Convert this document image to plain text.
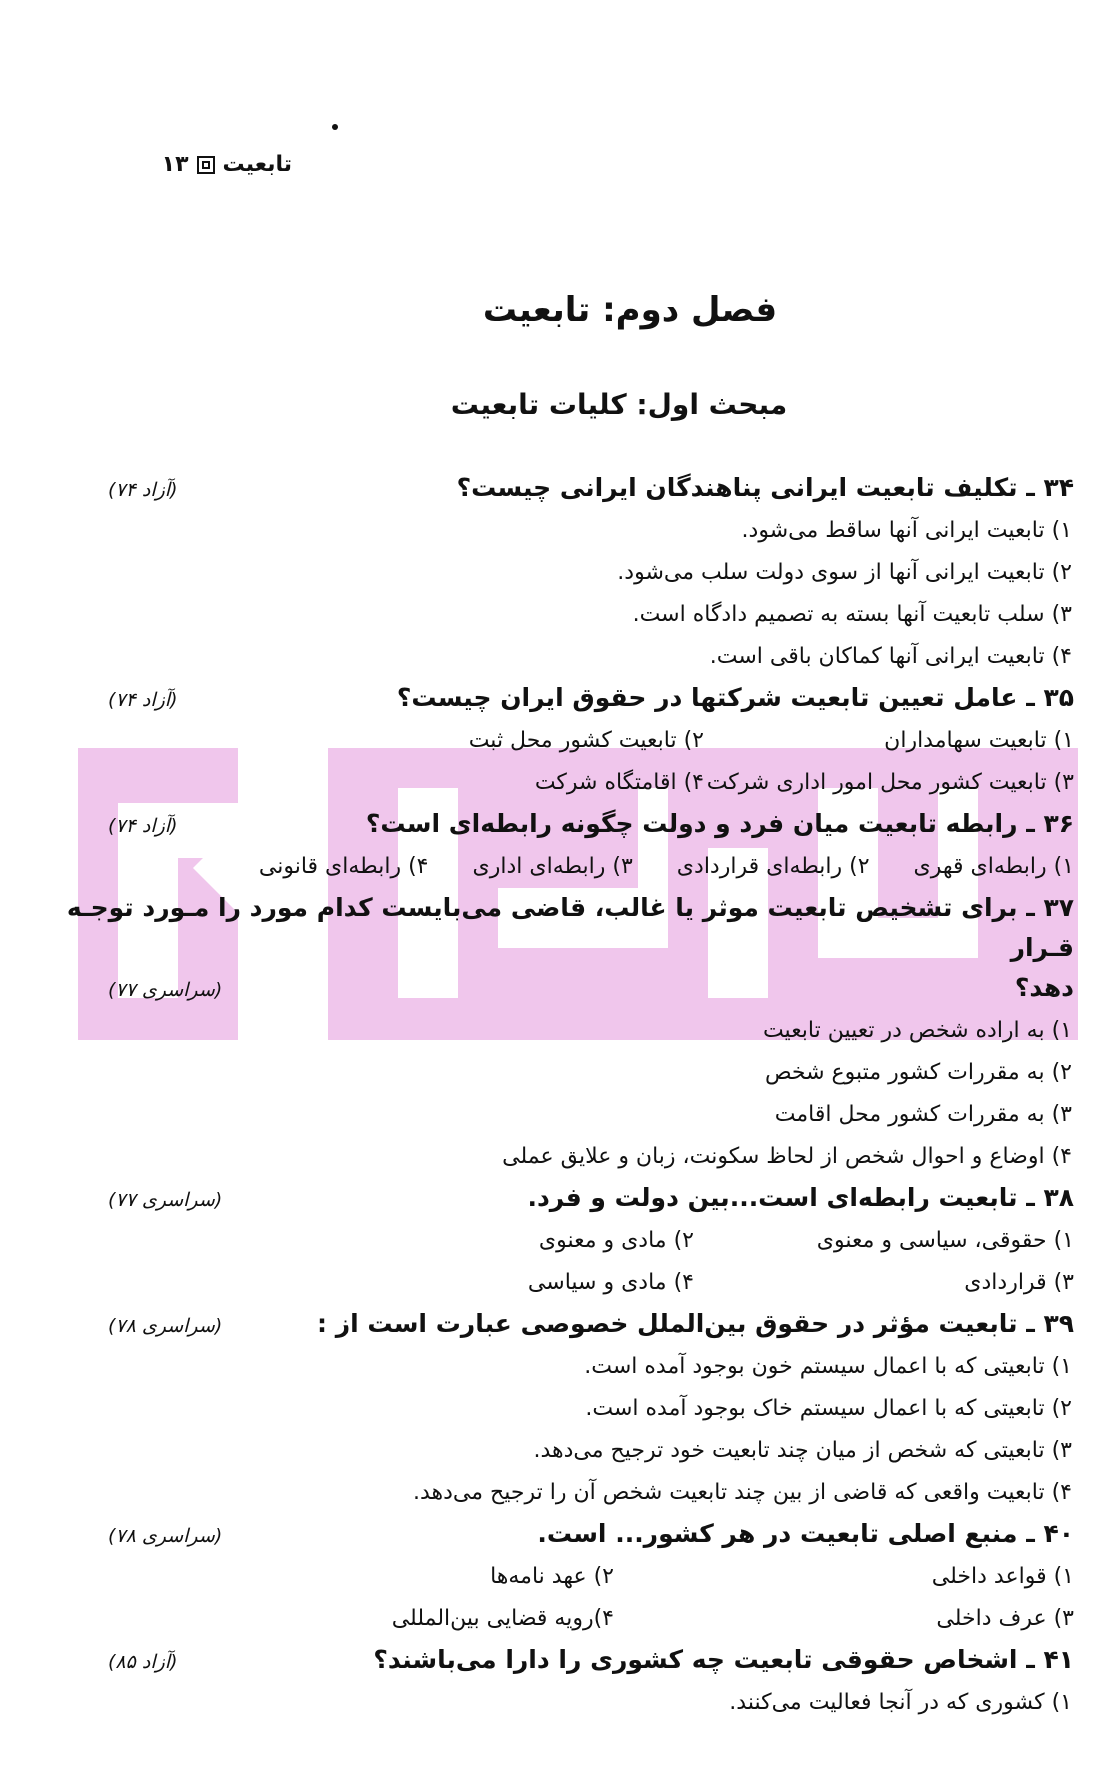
تابعیت
۱۳
فصل دوم: تابعیت
مبحث اول: کلیات تابعیت
۳۴ ـ تکلیف تابعیت ایرانی پناهندگان ایرانی چیست؟
(آزاد ۷۴)
۱) تابعیت ایرانی آنها ساقط می‌شود.
۲) تابعیت ایرانی آنها از سوی دولت سلب می‌شود.
۳) سلب تابعیت آنها بسته به تصمیم دادگاه است.
۴) تابعیت ایرانی آنها کماکان باقی است.
۳۵ ـ عامل تعیین تابعیت شرکتها در حقوق ایران چیست؟
(آزاد ۷۴)
۱) تابعیت سهامداران
۲) تابعیت کشور محل ثبت
۳) تابعیت کشور محل امور اداری شرکت
۴) اقامتگاه شرکت
۳۶ ـ رابطه تابعیت میان فرد و دولت چگونه رابطه‌ای است؟
(آزاد ۷۴)
۱) رابطه‌ای قهری
۲) رابطه‌ای قراردادی
۳) رابطه‌ای اداری
۴) رابطه‌ای قانونی
۳۷ ـ برای تشخیص تابعیت موثر یا غالب، قاضی می‌بایست کدام مورد را مـورد توجـه قـرار
دهد؟
(سراسری ۷۷)
۱) به اراده شخص در تعیین تابعیت
۲) به مقررات کشور متبوع شخص
۳) به مقررات کشور محل اقامت
۴) اوضاع و احوال شخص از لحاظ سکونت، زبان و علایق عملی
۳۸ ـ تابعیت رابطه‌ای است...بین دولت و فرد.
(سراسری ۷۷)
۱) حقوقی، سیاسی و معنوی
۲) مادی و معنوی
۳) قراردادی
۴) مادی و سیاسی
۳۹ ـ تابعیت مؤثر در حقوق بین‌الملل خصوصی عبارت است از :
(سراسری ۷۸)
۱) تابعیتی که با اعمال سیستم خون بوجود آمده است.
۲) تابعیتی که با اعمال سیستم خاک بوجود آمده است.
۳) تابعیتی که شخص از میان چند تابعیت خود ترجیح می‌دهد.
۴) تابعیت واقعی که قاضی از بین چند تابعیت شخص آن را ترجیح می‌دهد.
۴۰ ـ منبع اصلی تابعیت در هر کشور... است.
(سراسری ۷۸)
۱) قواعد داخلی
۲) عهد نامه‌ها
۳) عرف داخلی
۴)رویه قضایی بین‌المللی
۴۱ ـ اشخاص حقوقی تابعیت چه کشوری را دارا می‌باشند؟
(آزاد ۸۵)
۱) کشوری که در آنجا فعالیت می‌کنند.
